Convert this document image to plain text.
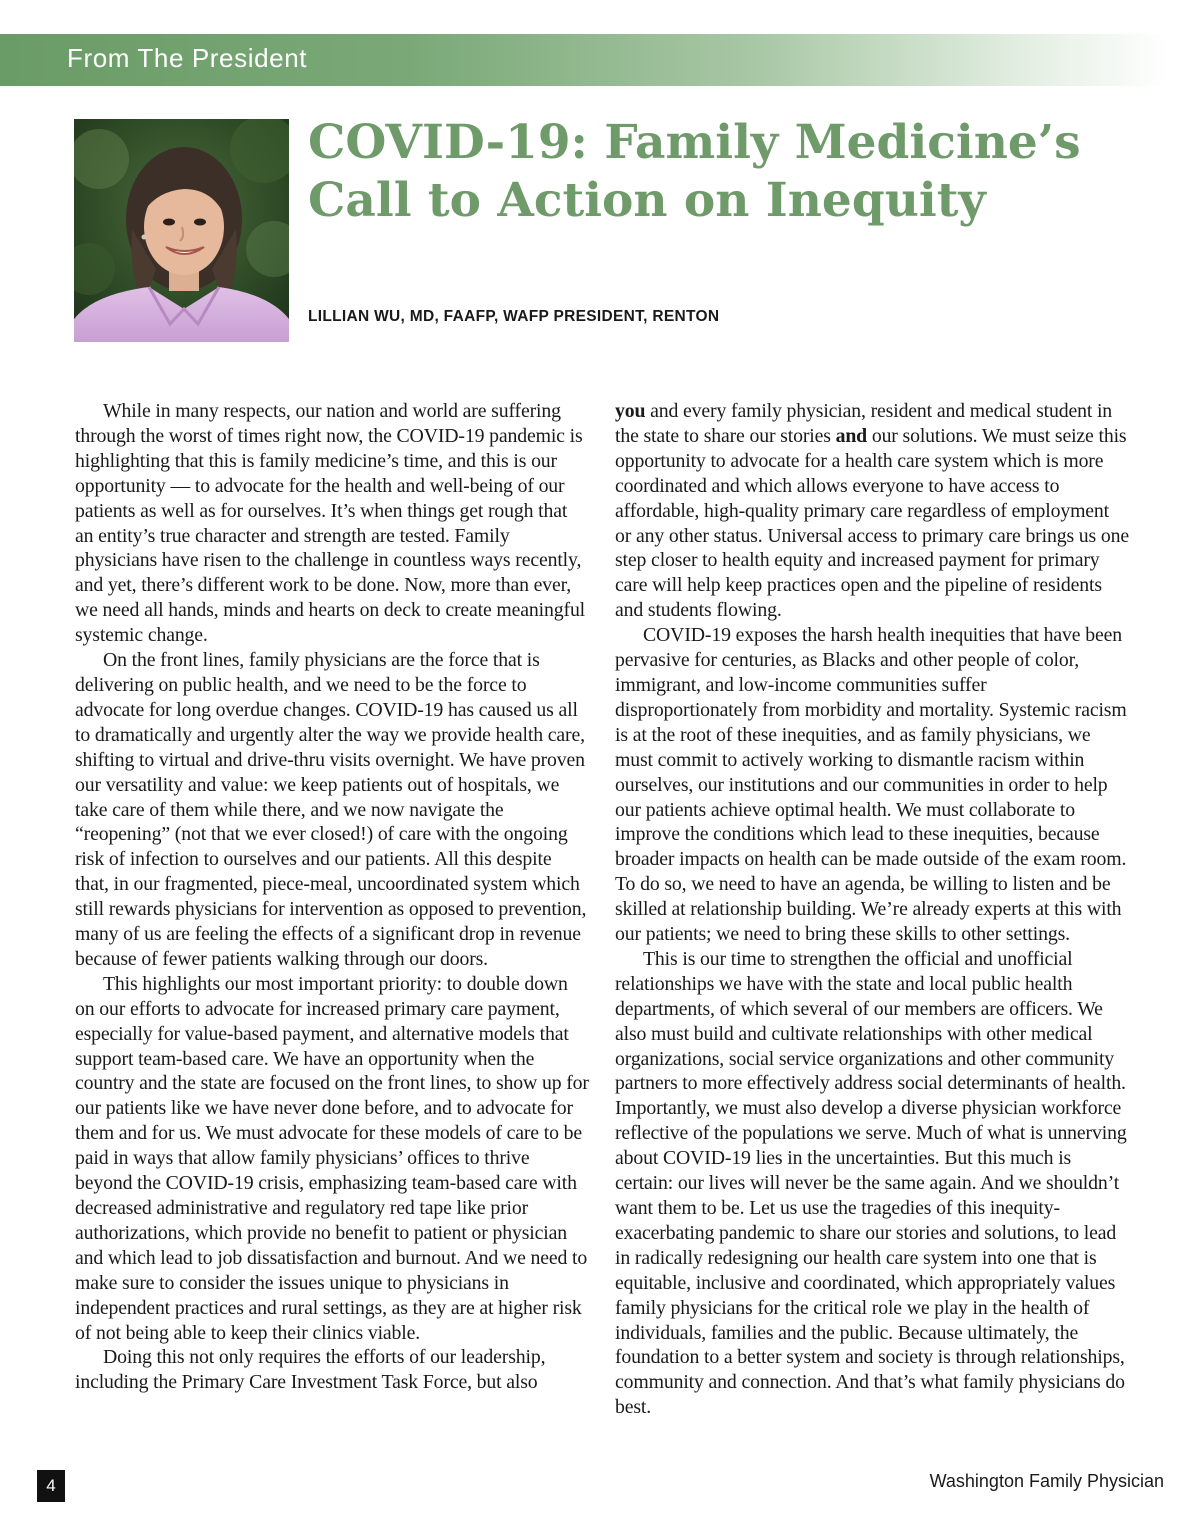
From The President
COVID-19: Family Medicine’s
Call to Action on Inequity

LILLIAN WU, MD, FAAFP, WAFP PRESIDENT, RENTON

While in many respects, our nation and world are suffering through the worst of times right now, the COVID-19 pandemic is highlighting that this is family medicine’s time, and this is our opportunity — to advocate for the health and well-being of our patients as well as for ourselves. It’s when things get rough that an entity’s true character and strength are tested. Family physicians have risen to the challenge in countless ways recently, and yet, there’s different work to be done. Now, more than ever, we need all hands, minds and hearts on deck to create meaningful systemic change.

On the front lines, family physicians are the force that is delivering on public health, and we need to be the force to advocate for long overdue changes. COVID-19 has caused us all to dramatically and urgently alter the way we provide health care, shifting to virtual and drive-thru visits overnight. We have proven our versatility and value: we keep patients out of hospitals, we take care of them while there, and we now navigate the “reopening” (not that we ever closed!) of care with the ongoing risk of infection to ourselves and our patients. All this despite that, in our fragmented, piece-meal, uncoordinated system which still rewards physicians for intervention as opposed to prevention, many of us are feeling the effects of a significant drop in revenue because of fewer patients walking through our doors.

This highlights our most important priority: to double down on our efforts to advocate for increased primary care payment, especially for value-based payment, and alternative models that support team-based care. We have an opportunity when the country and the state are focused on the front lines, to show up for our patients like we have never done before, and to advocate for them and for us. We must advocate for these models of care to be paid in ways that allow family physicians’ offices to thrive beyond the COVID-19 crisis, emphasizing team-based care with decreased administrative and regulatory red tape like prior authorizations, which provide no benefit to patient or physician and which lead to job dissatisfaction and burnout. And we need to make sure to consider the issues unique to physicians in independent practices and rural settings, as they are at higher risk of not being able to keep their clinics viable.

Doing this not only requires the efforts of our leadership, including the Primary Care Investment Task Force, but also

you and every family physician, resident and medical student in the state to share our stories and our solutions. We must seize this opportunity to advocate for a health care system which is more coordinated and which allows everyone to have access to affordable, high-quality primary care regardless of employment or any other status. Universal access to primary care brings us one step closer to health equity and increased payment for primary care will help keep practices open and the pipeline of residents and students flowing.

COVID-19 exposes the harsh health inequities that have been pervasive for centuries, as Blacks and other people of color, immigrant, and low-income communities suffer disproportionately from morbidity and mortality. Systemic racism is at the root of these inequities, and as family physicians, we must commit to actively working to dismantle racism within ourselves, our institutions and our communities in order to help our patients achieve optimal health. We must collaborate to improve the conditions which lead to these inequities, because broader impacts on health can be made outside of the exam room. To do so, we need to have an agenda, be willing to listen and be skilled at relationship building. We’re already experts at this with our patients; we need to bring these skills to other settings.

This is our time to strengthen the official and unofficial relationships we have with the state and local public health departments, of which several of our members are officers. We also must build and cultivate relationships with other medical organizations, social service organizations and other community partners to more effectively address social determinants of health. Importantly, we must also develop a diverse physician workforce reflective of the populations we serve. Much of what is unnerving about COVID-19 lies in the uncertainties. But this much is certain: our lives will never be the same again. And we shouldn’t want them to be. Let us use the tragedies of this inequity-exacerbating pandemic to share our stories and solutions, to lead in radically redesigning our health care system into one that is equitable, inclusive and coordinated, which appropriately values family physicians for the critical role we play in the health of individuals, families and the public. Because ultimately, the foundation to a better system and society is through relationships, community and connection. And that’s what family physicians do best.

4	Washington Family Physician
